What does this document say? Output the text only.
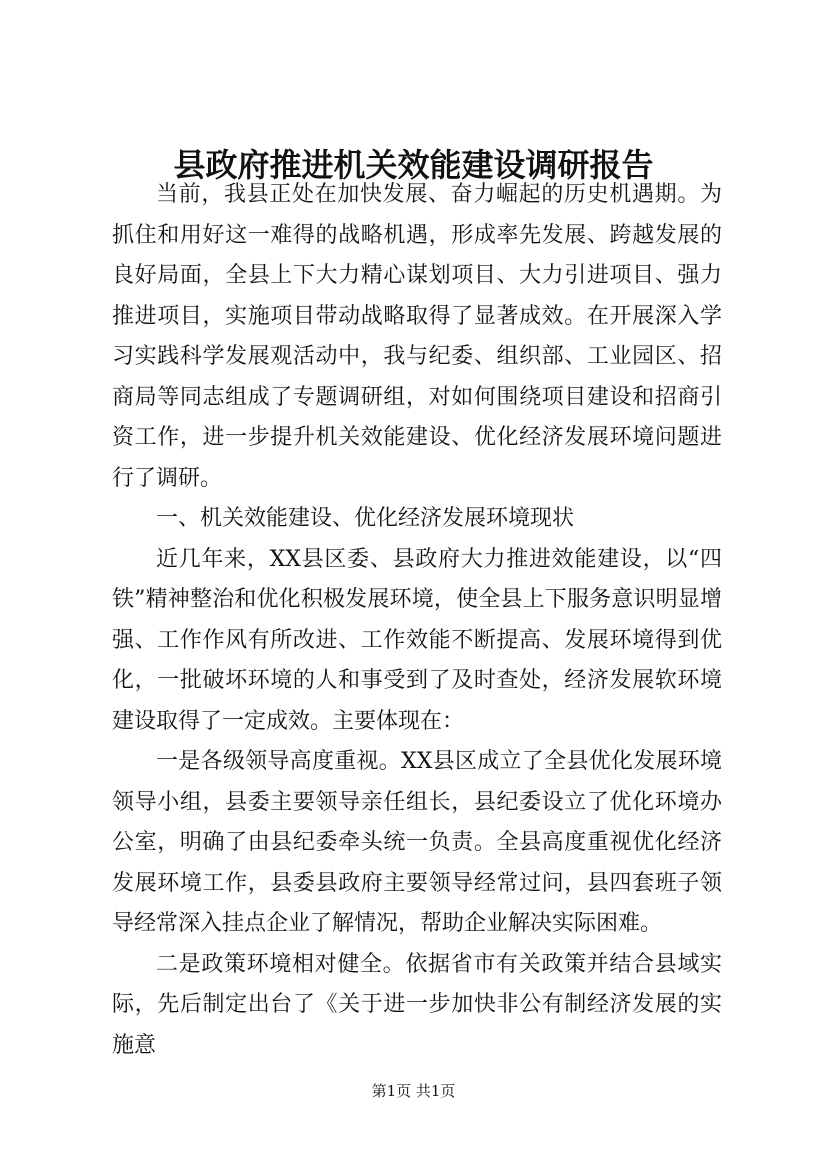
县政府推进机关效能建设调研报告

当前，我县正处在加快发展、奋力崛起的历史机遇期。为抓住和用好这一难得的战略机遇，形成率先发展、跨越发展的良好局面，全县上下大力精心谋划项目、大力引进项目、强力推进项目，实施项目带动战略取得了显著成效。在开展深入学习实践科学发展观活动中，我与纪委、组织部、工业园区、招商局等同志组成了专题调研组，对如何围绕项目建设和招商引资工作，进一步提升机关效能建设、优化经济发展环境问题进行了调研。

一、机关效能建设、优化经济发展环境现状

近几年来，XX县区委、县政府大力推进效能建设，以“四铁”精神整治和优化积极发展环境，使全县上下服务意识明显增强、工作作风有所改进、工作效能不断提高、发展环境得到优化，一批破坏环境的人和事受到了及时查处，经济发展软环境建设取得了一定成效。主要体现在：

一是各级领导高度重视。XX县区成立了全县优化发展环境领导小组，县委主要领导亲任组长，县纪委设立了优化环境办公室，明确了由县纪委牵头统一负责。全县高度重视优化经济发展环境工作，县委县政府主要领导经常过问，县四套班子领导经常深入挂点企业了解情况，帮助企业解决实际困难。

二是政策环境相对健全。依据省市有关政策并结合县域实际，先后制定出台了《关于进一步加快非公有制经济发展的实施意

第1页 共1页
